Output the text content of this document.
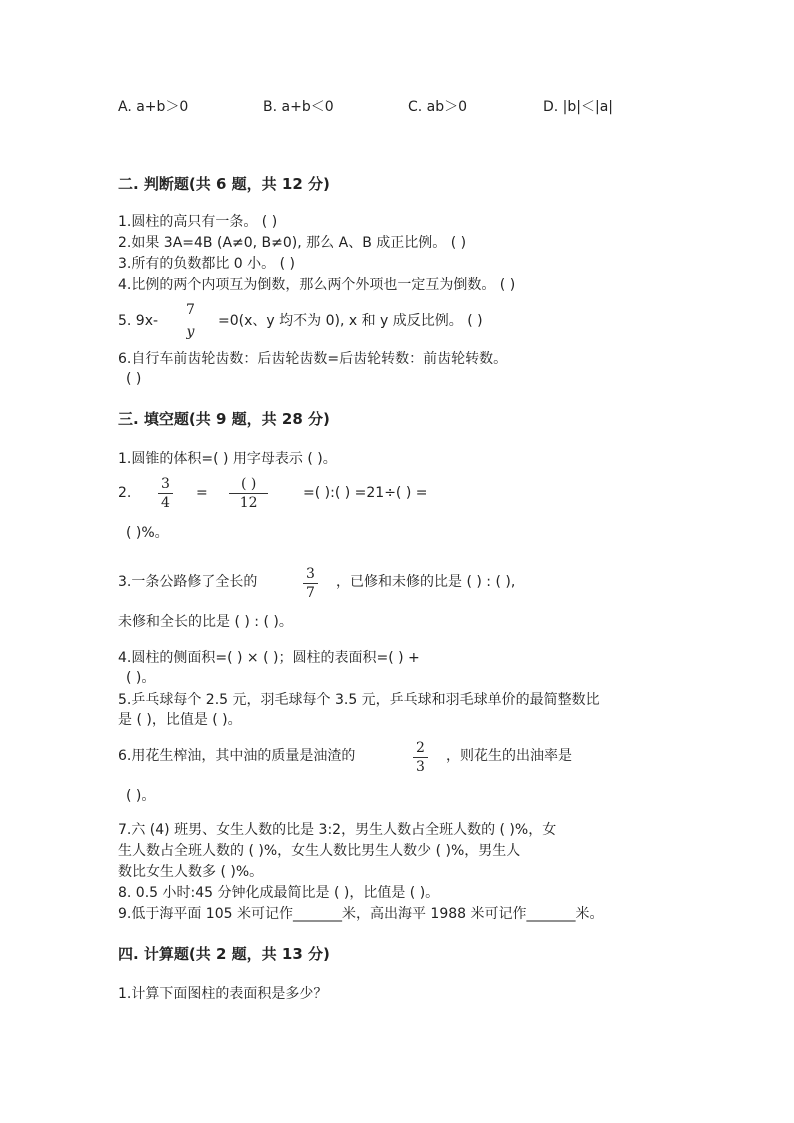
A. a+b＞0	B. a+b＜0	C. ab＞0	D. |b|＜|a|
二. 判断题(共 6 题，共 12 分)
1.圆柱的高只有一条。 ( )
2.如果 3A=4B (A≠0, B≠0), 那么 A、B 成正比例。 ( )
3.所有的负数都比 0 小。 ( )
4.比例的两个内项互为倒数，那么两个外项也一定互为倒数。 ( )
5. 9x-
7
y
=0(x、y 均不为 0), x 和 y 成反比例。 ( )
6.自行车前齿轮齿数：后齿轮齿数=后齿轮转数：前齿轮转数。
( )
三. 填空题(共 9 题，共 28 分)
1.圆锥的体积=( ) 用字母表示 ( )。
2. $\frac{3}{4}$ =
( )
12
=( ):( ) =21÷( ) =
( )%。
3.一条公路修了全长的	$\frac{3}{7}$ ，已修和未修的比是 ( ) : ( ),
未修和全长的比是 ( ) : ( )。
4.圆柱的侧面积=( ) × ( )；圆柱的表面积=( ) +
( )。
5.乒乓球每个 2.5 元，羽毛球每个 3.5 元，乒乓球和羽毛球单价的最简整数比
是 ( )，比值是 ( )。
6.用花生榨油，其中油的质量是油渣的	$\frac{2}{3}$ ，则花生的出油率是
( )。
7.六 (4) 班男、女生人数的比是 3:2，男生人数占全班人数的 ( )%，女
生人数占全班人数的 ( )%，女生人数比男生人数少 ( )%，男生人
数比女生人数多 ( )%。
8. 0.5 小时:45 分钟化成最简比是 ( )，比值是 ( )。
9.低于海平面 105 米可记作_______米，高出海平 1988 米可记作_______米。
四. 计算题(共 2 题，共 13 分)
1.计算下面图柱的表面积是多少？
